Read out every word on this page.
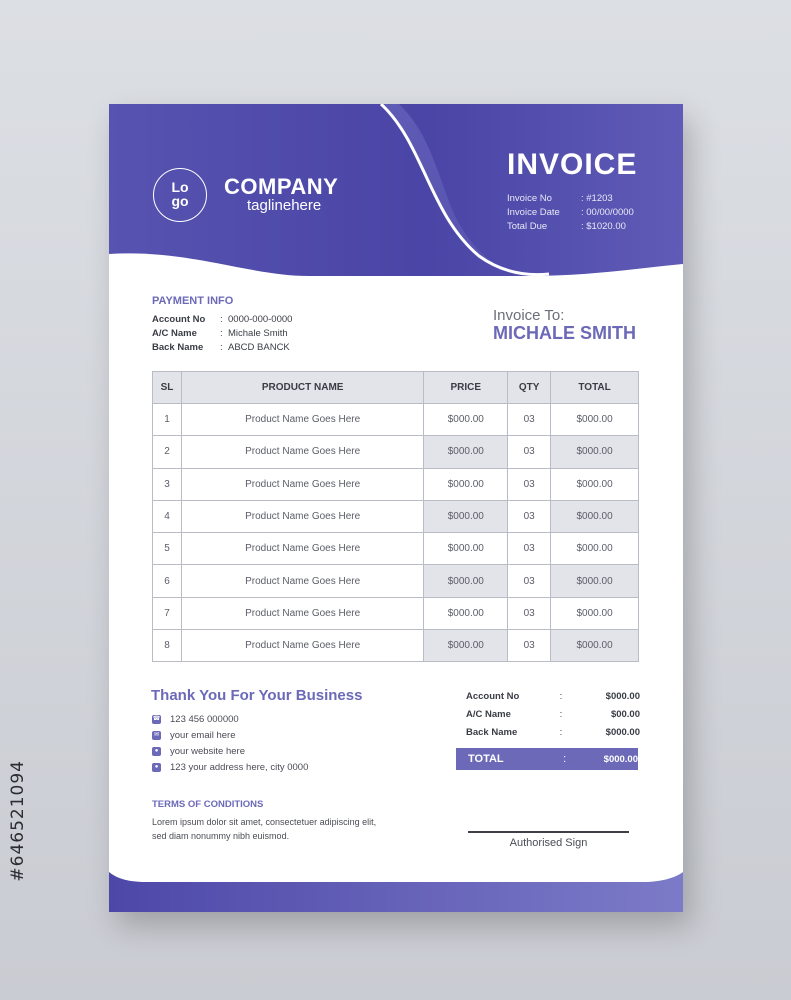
#646521094
Lo
go
COMPANY
taglinehere
INVOICE
Invoice No	: #1203
Invoice Date	: 00/00/0000
Total Due	: $1020.00
PAYMENT INFO
Account No	: 0000-000-0000
A/C Name	: Michale Smith
Back Name	: ABCD BANCK
Invoice To:
MICHALE SMITH
SL	PRODUCT NAME	PRICE	QTY	TOTAL
1	Product Name Goes Here	$000.00	03	$000.00
2	Product Name Goes Here	$000.00	03	$000.00
3	Product Name Goes Here	$000.00	03	$000.00
4	Product Name Goes Here	$000.00	03	$000.00
5	Product Name Goes Here	$000.00	03	$000.00
6	Product Name Goes Here	$000.00	03	$000.00
7	Product Name Goes Here	$000.00	03	$000.00
8	Product Name Goes Here	$000.00	03	$000.00
Thank You For Your Business
☎ 123 456 000000
✉ your email here
● your website here
● 123 your address here, city 0000
TERMS OF CONDITIONS
Lorem ipsum dolor sit amet, consectetuer adipiscing elit, sed diam nonummy nibh euismod.
Account No	:	$000.00
A/C Name	:	$00.00
Back Name	:	$000.00
TOTAL	:	$000.00
Authorised Sign
